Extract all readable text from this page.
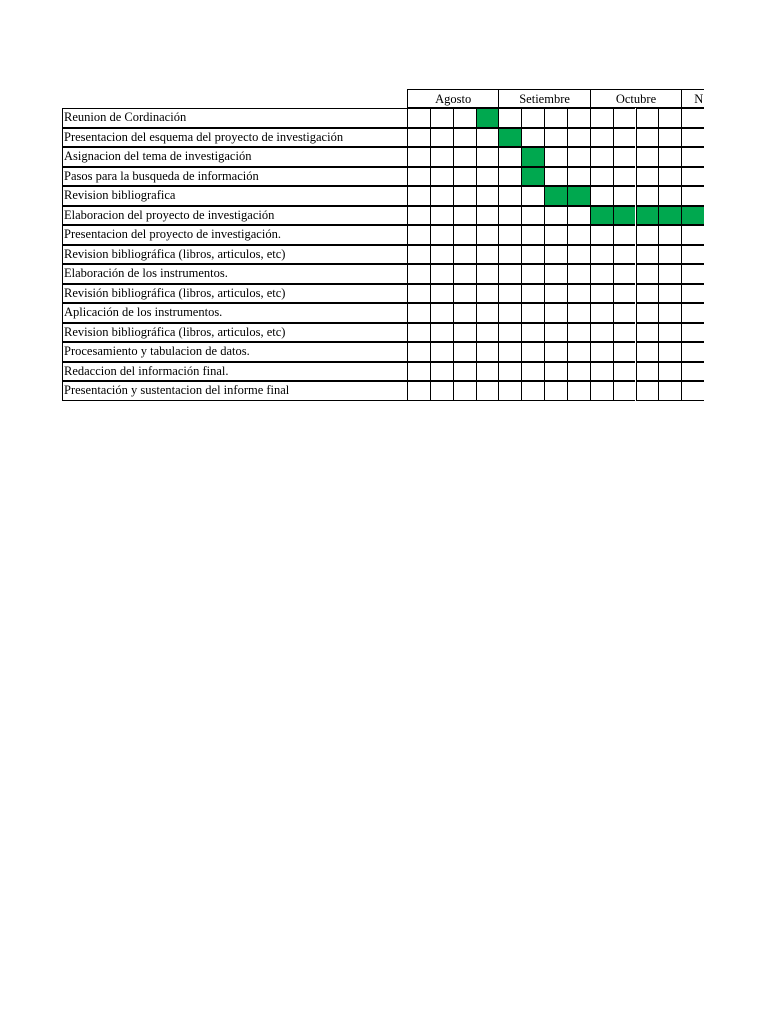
Agosto	Setiembre	Octubre	N
Reunion de Cordinación
Presentacion del esquema del proyecto de investigación
Asignacion del tema de investigación
Pasos para la busqueda de información
Revision bibliografica
Elaboracion del proyecto de investigación
Presentacion del proyecto de investigación.
Revision bibliográfica (libros, articulos, etc)
Elaboración de los instrumentos.
Revisión bibliográfica (libros, articulos, etc)
Aplicación de los instrumentos.
Revision bibliográfica (libros, articulos, etc)
Procesamiento y tabulacion de datos.
Redaccion del información final.
Presentación y sustentacion del informe final
